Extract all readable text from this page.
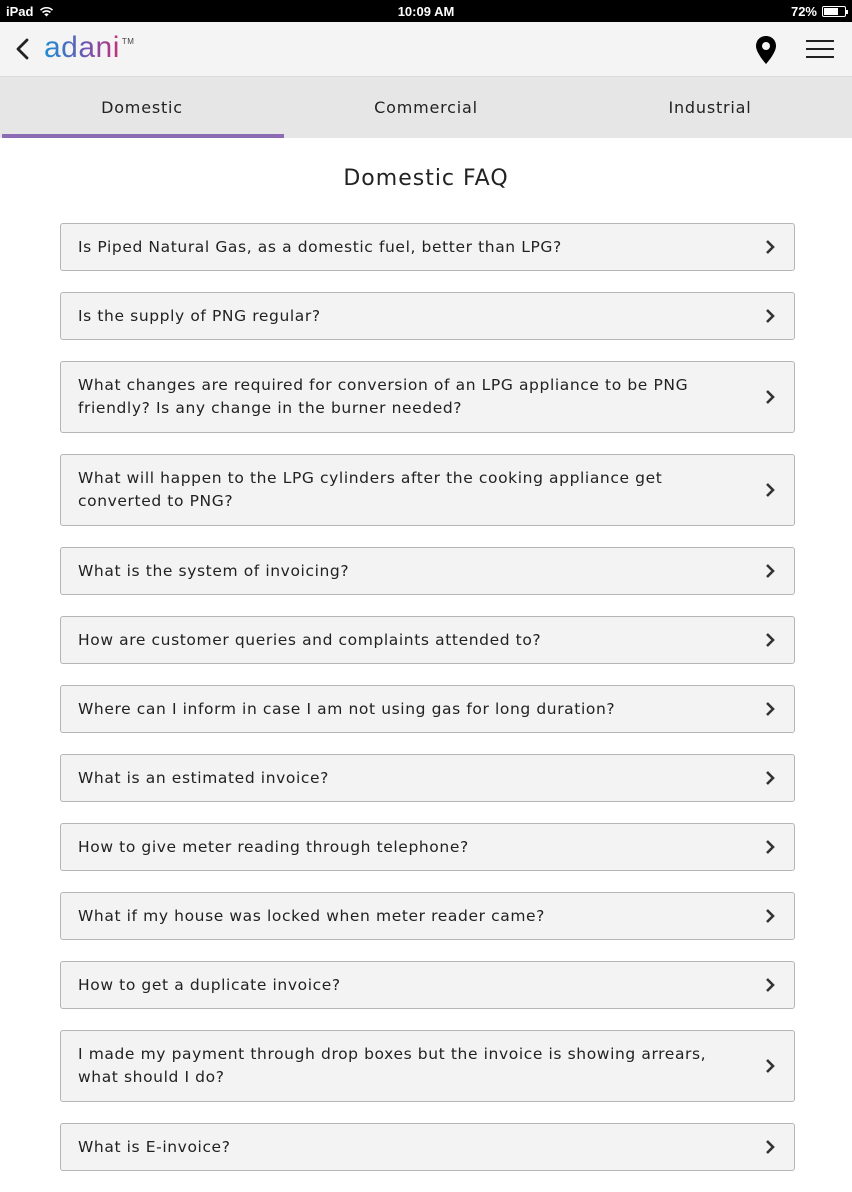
iPad	10:09 AM	72%
adani TM
Domestic	Commercial	Industrial
Domestic FAQ
Is Piped Natural Gas, as a domestic fuel, better than LPG?
Is the supply of PNG regular?
What changes are required for conversion of an LPG appliance to be PNG friendly? Is any change in the burner needed?
What will happen to the LPG cylinders after the cooking appliance get converted to PNG?
What is the system of invoicing?
How are customer queries and complaints attended to?
Where can I inform in case I am not using gas for long duration?
What is an estimated invoice?
How to give meter reading through telephone?
What if my house was locked when meter reader came?
How to get a duplicate invoice?
I made my payment through drop boxes but the invoice is showing arrears, what should I do?
What is E-invoice?
